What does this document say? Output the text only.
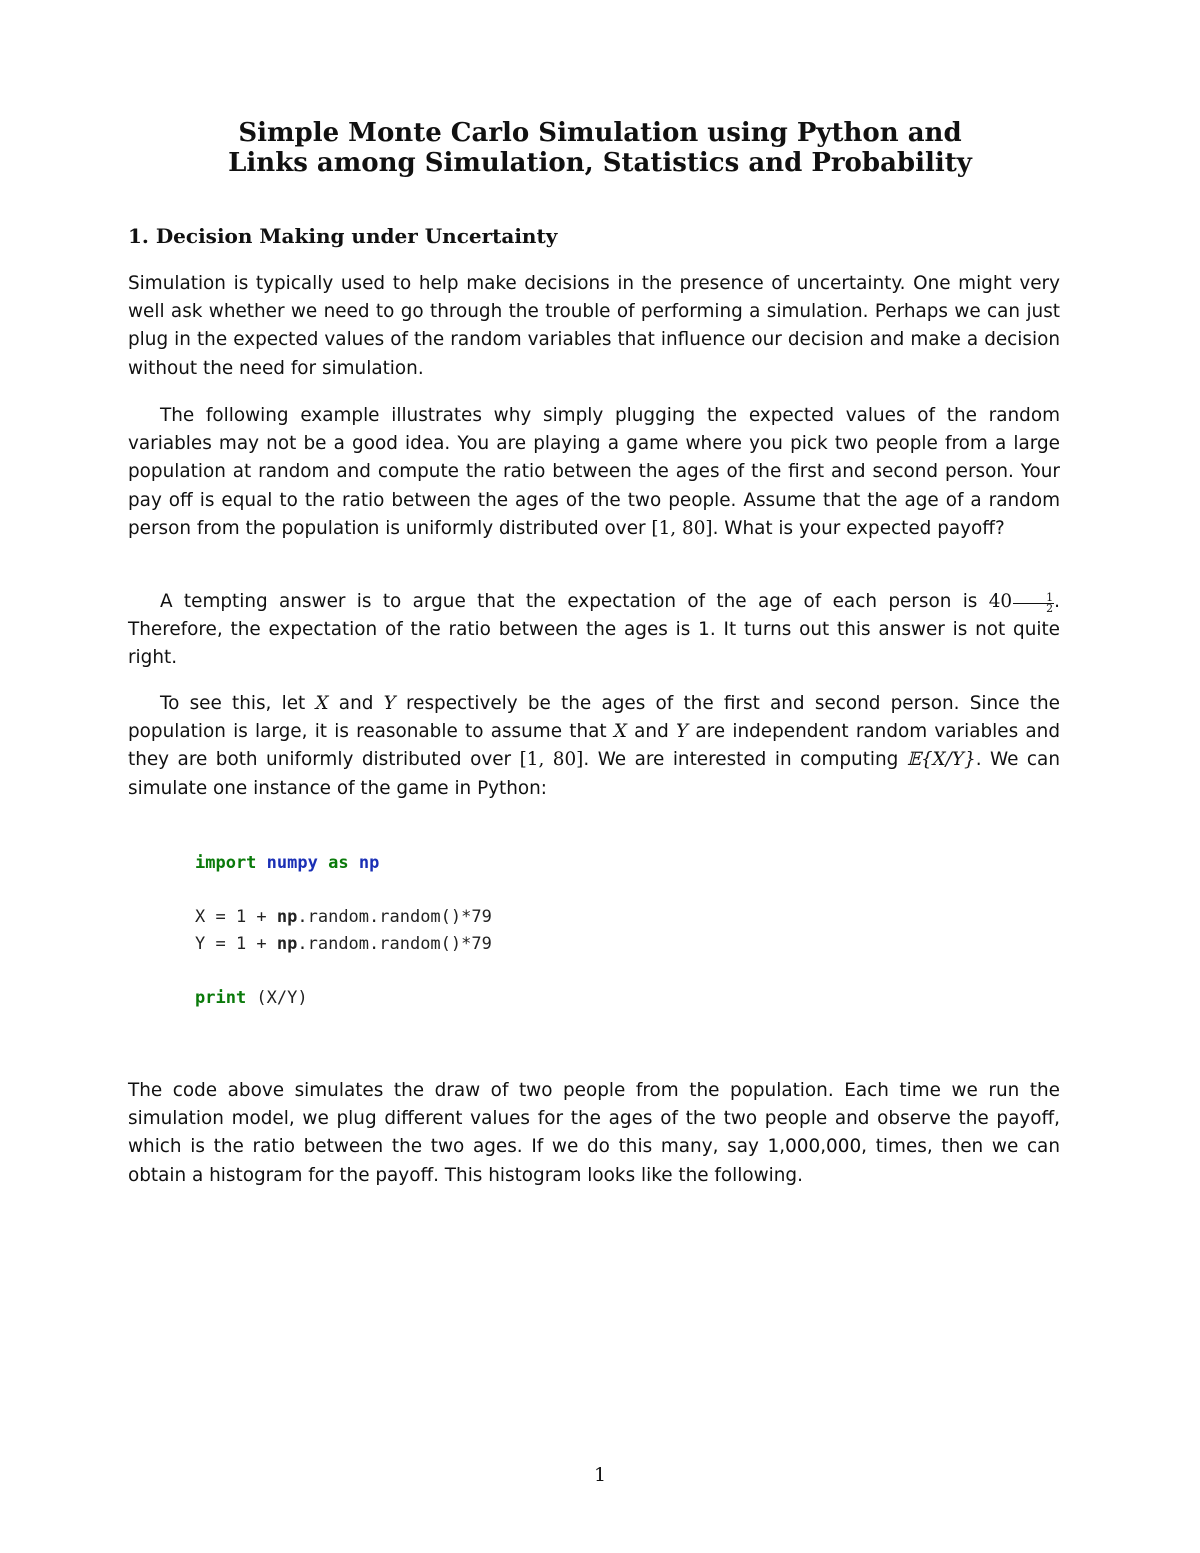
Simple Monte Carlo Simulation using Python and
Links among Simulation, Statistics and Probability
1. Decision Making under Uncertainty

Simulation is typically used to help make decisions in the presence of uncertainty. One might very well ask whether we need to go through the trouble of performing a simulation. Perhaps we can just plug in the expected values of the random variables that influence our decision and make a decision without the need for simulation.

The following example illustrates why simply plugging the expected values of the random variables may not be a good idea. You are playing a game where you pick two people from a large population at random and compute the ratio between the ages of the first and second person. Your pay off is equal to the ratio between the ages of the two people. Assume that the age of a random person from the population is uniformly distributed over [1, 80]. What is your expected payoff?

A tempting answer is to argue that the expectation of the age of each person is $40 \frac{1}{2}$ . Therefore, the expectation of the ratio between the ages is 1. It turns out this answer is not quite right.

To see this, let X and Y respectively be the ages of the first and second person. Since the population is large, it is reasonable to assume that X and Y are independent random variables and they are both uniformly distributed over [1, 80]. We are interested in computing 𝔼{X/Y}. We can simulate one instance of the game in Python:

import numpy as np

X = 1 + np.random.random()*79
Y = 1 + np.random.random()*79

print (X/Y)

The code above simulates the draw of two people from the population. Each time we run the simulation model, we plug different values for the ages of the two people and observe the payoff, which is the ratio between the two ages. If we do this many, say 1,000,000, times, then we can obtain a histogram for the payoff. This histogram looks like the following.

1
